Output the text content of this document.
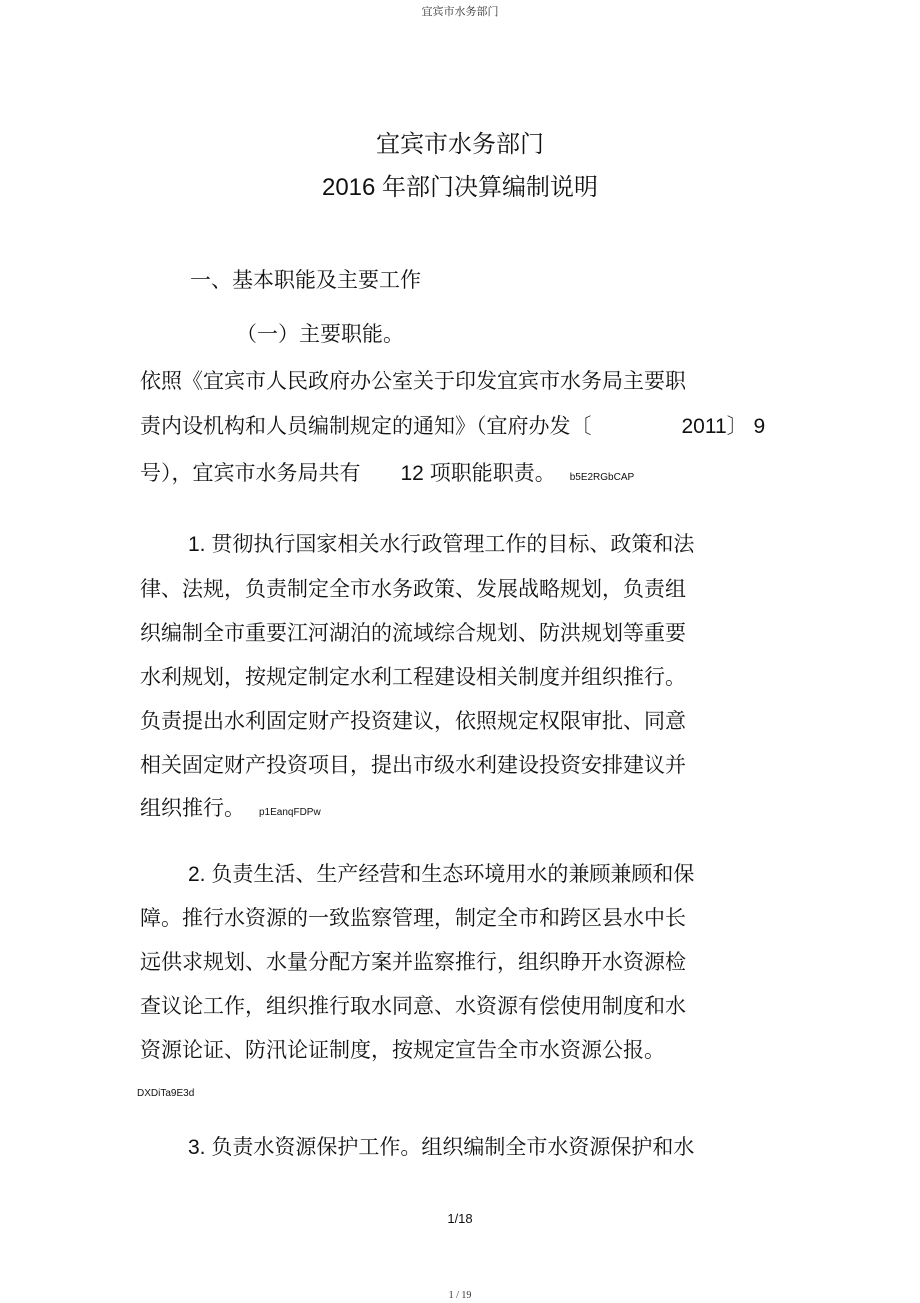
宜宾市水务部门
宜宾市水务部门
2016 年部门决算编制说明
一、基本职能及主要工作
（一）主要职能。
依照《宜宾市人民政府办公室关于印发宜宾市水务局主要职
责内设机构和人员编制规定的通知》（宜府办发〔	2011〕 9
号），宜宾市水务局共有 12 项职能职责。 b5E2RGbCAP
1. 贯彻执行国家相关水行政管理工作的目标、政策和法
律、法规，负责制定全市水务政策、发展战略规划，负责组
织编制全市重要江河湖泊的流域综合规划、防洪规划等重要
水利规划，按规定制定水利工程建设相关制度并组织推行。
负责提出水利固定财产投资建议，依照规定权限审批、同意
相关固定财产投资项目，提出市级水利建设投资安排建议并
组织推行。 p1EanqFDPw
2. 负责生活、生产经营和生态环境用水的兼顾兼顾和保
障。推行水资源的一致监察管理，制定全市和跨区县水中长
远供求规划、水量分配方案并监察推行，组织睁开水资源检
查议论工作，组织推行取水同意、水资源有偿使用制度和水
资源论证、防汛论证制度，按规定宣告全市水资源公报。
DXDiTa9E3d
3. 负责水资源保护工作。组织编制全市水资源保护和水
1/18
1 / 19
